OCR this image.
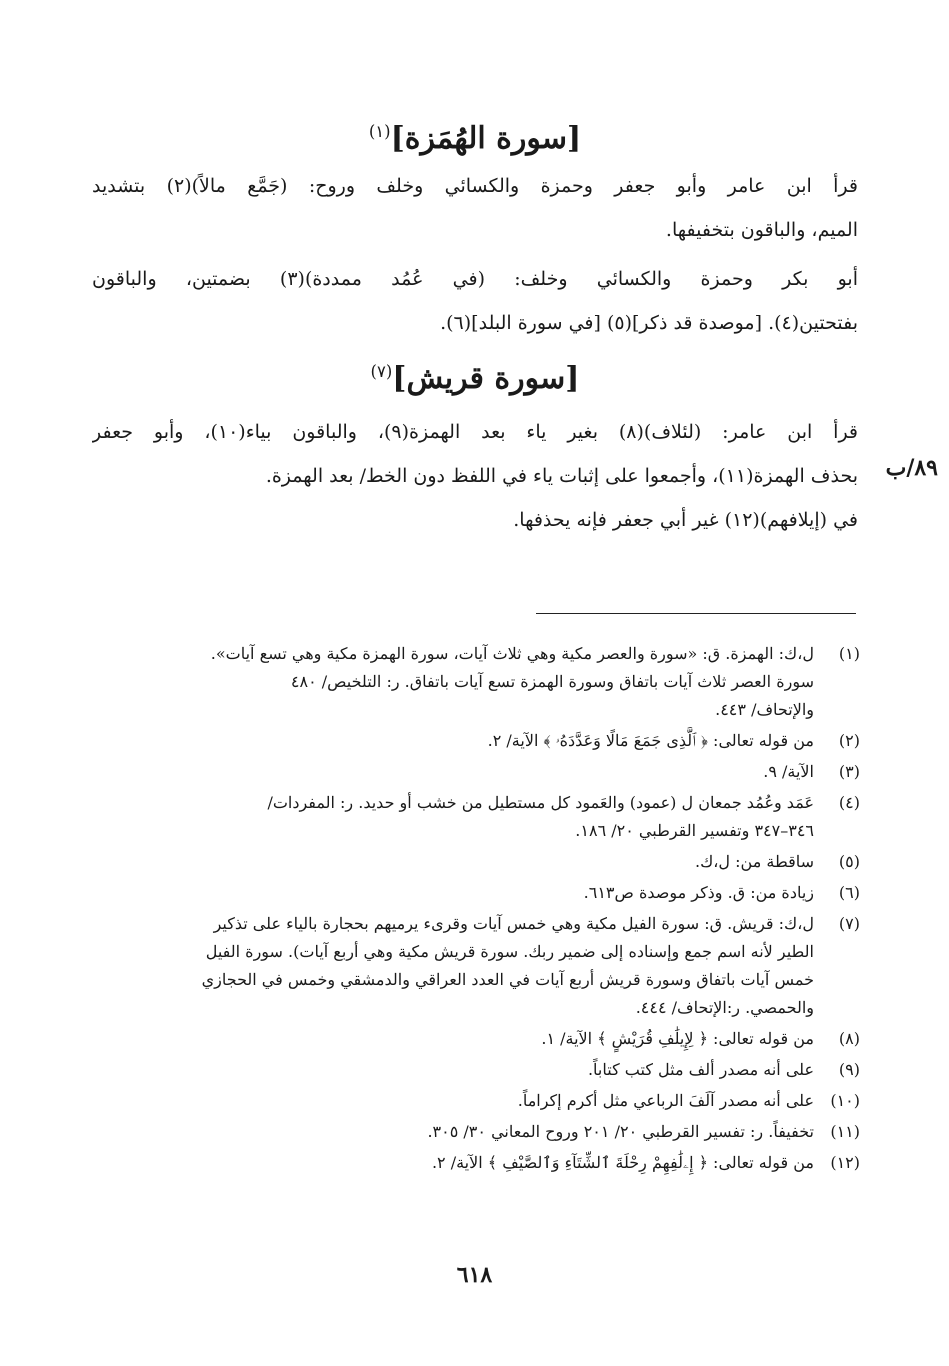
[سورة الهُمَزة]$^{(١)}$
قرأ ابن عامر وأبو جعفر وحمزة والكسائي وخلف وروح: (جَمَّع مالاً)(٢) بتشديد
الميم، والباقون بتخفيفها.
أبو بكر وحمزة والكسائي وخلف: (في عُمُد ممددة)(٣) بضمتين، والباقون
بفتحتين(٤). [موصدة قد ذكر](٥) [في سورة البلد](٦).
[سورة قريش]$^{(٧)}$
قرأ ابن عامر: (لئلاف)(٨) بغير ياء بعد الهمزة(٩)، والباقون بياء(١٠)، وأبو جعفر
بحذف الهمزة(١١)، وأجمعوا على إثبات ياء في اللفظ دون الخط/ بعد الهمزة.
في (إيلافهم)(١٢) غير أبي جعفر فإنه يحذفها.
٨٩/ب
(١)
ل،ك: الهمزة. ق: «سورة والعصر مكية وهي ثلاث آيات، سورة الهمزة مكية وهي تسع آيات».
سورة العصر ثلاث آيات باتفاق وسورة الهمزة تسع آيات باتفاق. ر: التلخيص/ ٤٨٠
والإتحاف/ ٤٤٣.
(٢)
من قوله تعالى: ﴿ ٱلَّذِى جَمَعَ مَالًا وَعَدَّدَهُۥ ﴾ الآية/ ٢.
(٣)
الآية/ ٩.
(٤)
عَمَد وعُمُد جمعان ل (عمود) والعَمود كل مستطيل من خشب أو حديد. ر: المفردات/
٣٤٦–٣٤٧ وتفسير القرطبي ٢٠/ ١٨٦.
(٥)
ساقطة من: ل،ك.
(٦)
زيادة من: ق. وذكر موصدة ص٦١٣.
(٧)
ل،ك: قريش. ق: سورة الفيل مكية وهي خمس آيات وقرىء يرميهم بحجارة بالياء على تذكير
الطير لأنه اسم جمع وإسناده إلى ضمير ربك. سورة قريش مكية وهي أربع آيات). سورة الفيل
خمس آيات باتفاق وسورة قريش أربع آيات في العدد العراقي والدمشقي وخمس في الحجازي
والحمصي. ر:الإتحاف/ ٤٤٤.
(٨)
من قوله تعالى: ﴿ لِإِيلَٰفِ قُرَيْشٍ ﴾ الآية/ ١.
(٩)
على أنه مصدر ألف مثل كتب كتاباً.
(١٠)
على أنه مصدر آلَفَ الرباعي مثل أكرم إكراماً.
(١١)
تخفيفاً. ر: تفسير القرطبي ٢٠/ ٢٠١ وروح المعاني ٣٠/ ٣٠٥.
(١٢)
من قوله تعالى: ﴿ إِۦلَٰفِهِمْ رِحْلَةَ ٱلشِّتَآءِ وَٱلصَّيْفِ ﴾ الآية/ ٢.
٦١٨
